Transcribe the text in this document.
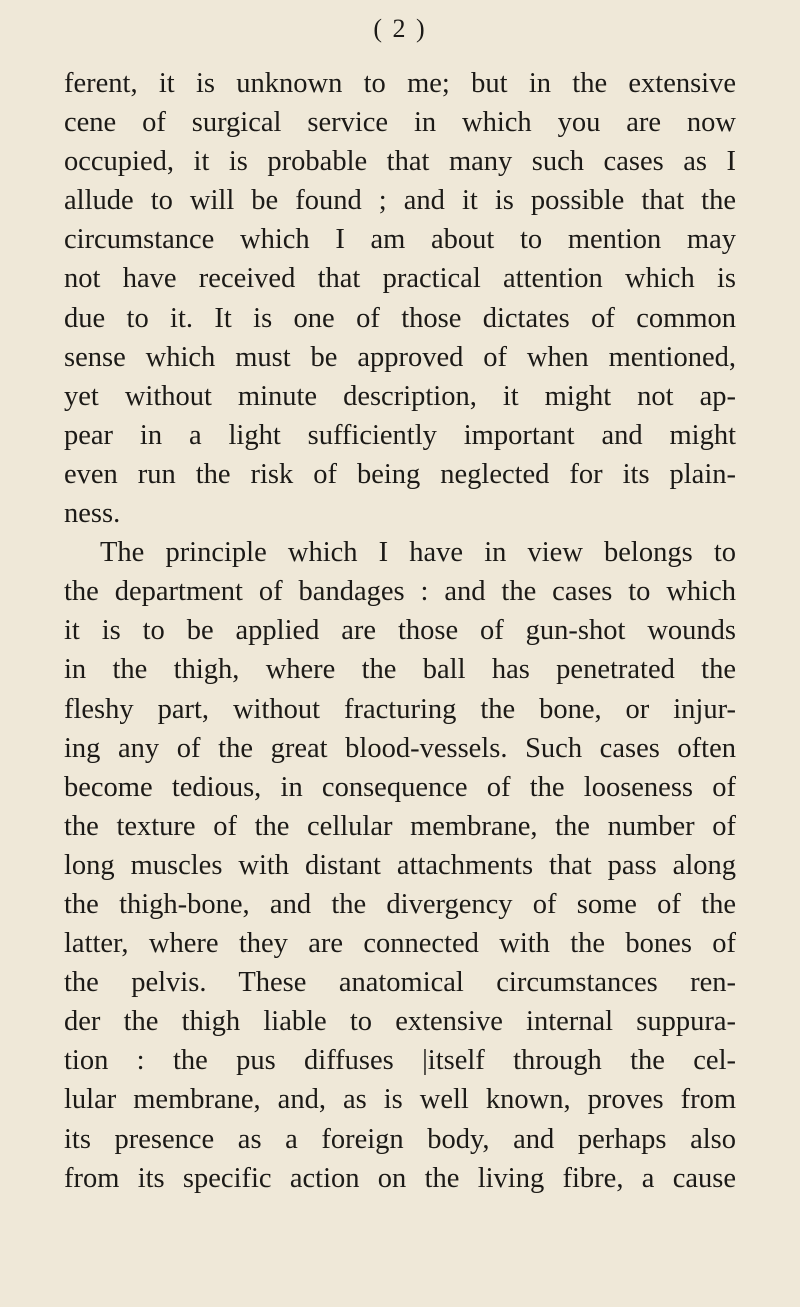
( 2 )
ferent, it is unknown to me; but in the extensive
cene of surgical service in which you are now
occupied, it is probable that many such cases as I
allude to will be found ; and it is possible that the
circumstance which I am about to mention may
not have received that practical attention which is
due to it. It is one of those dictates of common
sense which must be approved of when mentioned,
yet without minute description, it might not ap-
pear in a light sufficiently important and might
even run the risk of being neglected for its plain-
ness.
The principle which I have in view belongs to
the department of bandages : and the cases to which
it is to be applied are those of gun-shot wounds
in the thigh, where the ball has penetrated the
fleshy part, without fracturing the bone, or injur-
ing any of the great blood-vessels. Such cases often
become tedious, in consequence of the looseness of
the texture of the cellular membrane, the number of
long muscles with distant attachments that pass along
the thigh-bone, and the divergency of some of the
latter, where they are connected with the bones of
the pelvis. These anatomical circumstances ren-
der the thigh liable to extensive internal suppura-
tion : the pus diffuses |itself through the cel-
lular membrane, and, as is well known, proves from
its presence as a foreign body, and perhaps also
from its specific action on the living fibre, a cause
